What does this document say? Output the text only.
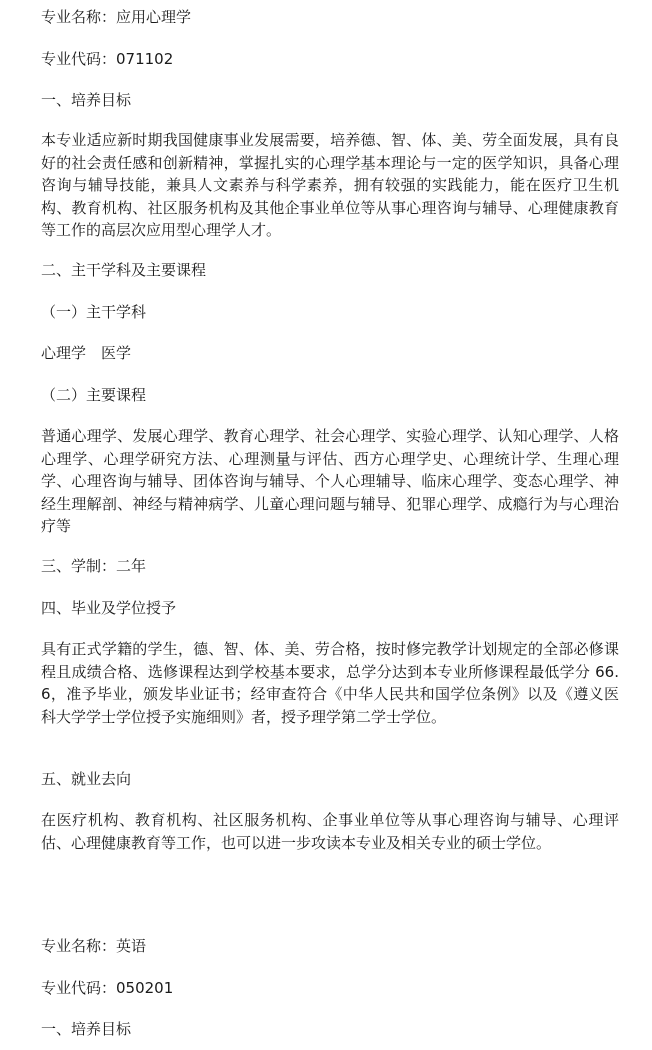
专业名称：应用心理学
专业代码：071102
一、培养目标
本专业适应新时期我国健康事业发展需要，培养德、智、体、美、劳全面发展，具有良好的社会责任感和创新精神，掌握扎实的心理学基本理论与一定的医学知识，具备心理咨询与辅导技能，兼具人文素养与科学素养，拥有较强的实践能力，能在医疗卫生机构、教育机构、社区服务机构及其他企事业单位等从事心理咨询与辅导、心理健康教育等工作的高层次应用型心理学人才。
二、主干学科及主要课程
（一）主干学科
心理学　医学
（二）主要课程
普通心理学、发展心理学、教育心理学、社会心理学、实验心理学、认知心理学、人格心理学、心理学研究方法、心理测量与评估、西方心理学史、心理统计学、生理心理学、心理咨询与辅导、团体咨询与辅导、个人心理辅导、临床心理学、变态心理学、神经生理解剖、神经与精神病学、儿童心理问题与辅导、犯罪心理学、成瘾行为与心理治疗等
三、学制：二年
四、毕业及学位授予
具有正式学籍的学生，德、智、体、美、劳合格，按时修完教学计划规定的全部必修课程且成绩合格、选修课程达到学校基本要求，总学分达到本专业所修课程最低学分 66.6，准予毕业，颁发毕业证书；经审查符合《中华人民共和国学位条例》以及《遵义医科大学学士学位授予实施细则》者，授予理学第二学士学位。
五、就业去向
在医疗机构、教育机构、社区服务机构、企事业单位等从事心理咨询与辅导、心理评估、心理健康教育等工作，也可以进一步攻读本专业及相关专业的硕士学位。
专业名称：英语
专业代码：050201
一、培养目标
